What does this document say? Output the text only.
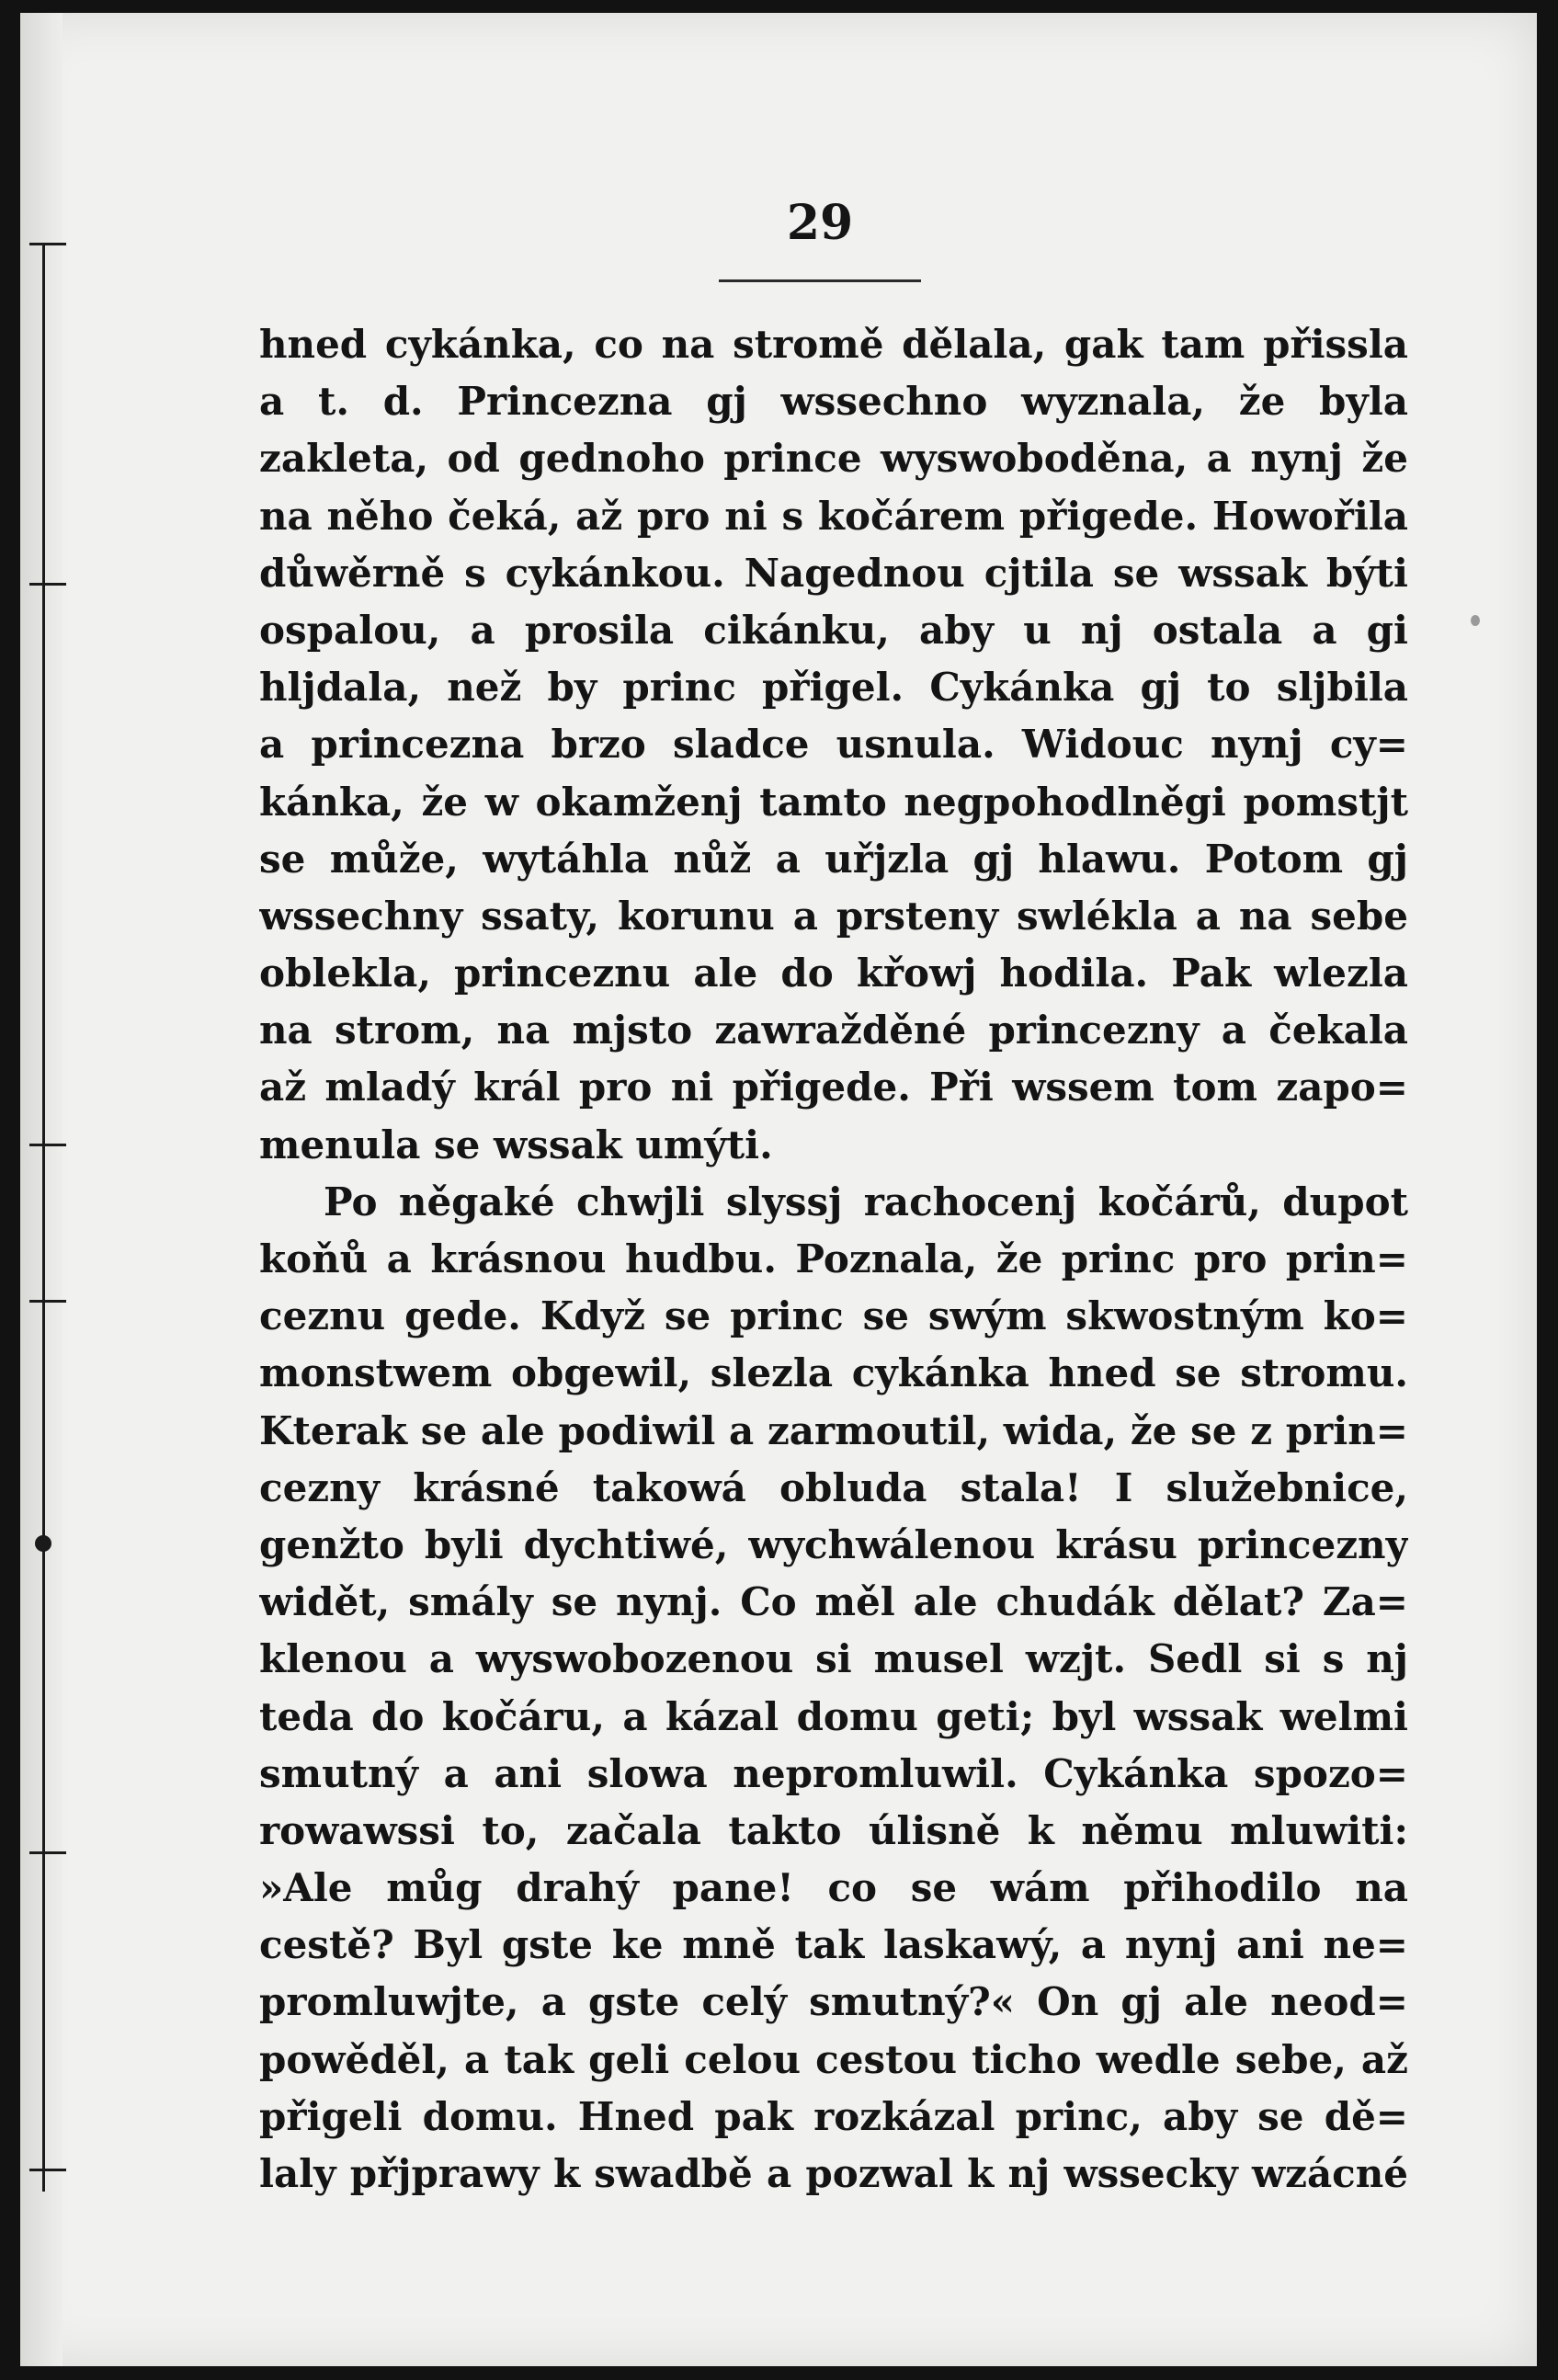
29
hned cykánka, co na stromě dělala, gak tam přissla
a t. d. Princezna gj wssechno wyznala, že byla
zakleta, od gednoho prince wyswoboděna, a nynj že
na něho čeká, až pro ni s kočárem přigede. Howořila
důwěrně s cykánkou. Nagednou cjtila se wssak býti
ospalou, a prosila cikánku, aby u nj ostala a gi
hljdala, než by princ přigel. Cykánka gj to sljbila
a princezna brzo sladce usnula. Widouc nynj cy=
kánka, že w okamženj tamto negpohodlněgi pomstjt
se může, wytáhla nůž a uřjzla gj hlawu. Potom gj
wssechny ssaty, korunu a prsteny swlékla a na sebe
oblekla, princeznu ale do křowj hodila. Pak wlezla
na strom, na mjsto zawražděné princezny a čekala
až mladý král pro ni přigede. Při wssem tom zapo=
menula se wssak umýti.
Po něgaké chwjli slyssj rachocenj kočárů, dupot
koňů a krásnou hudbu. Poznala, že princ pro prin=
ceznu gede. Když se princ se swým skwostným ko=
monstwem obgewil, slezla cykánka hned se stromu.
Kterak se ale podiwil a zarmoutil, wida, že se z prin=
cezny krásné takowá obluda stala! I služebnice,
genžto byli dychtiwé, wychwálenou krásu princezny
widět, smály se nynj. Co měl ale chudák dělat? Za=
klenou a wyswobozenou si musel wzjt. Sedl si s nj
teda do kočáru, a kázal domu geti; byl wssak welmi
smutný a ani slowa nepromluwil. Cykánka spozo=
rowawssi to, začala takto úlisně k němu mluwiti:
»Ale můg drahý pane! co se wám přihodilo na
cestě? Byl gste ke mně tak laskawý, a nynj ani ne=
promluwjte, a gste celý smutný?« On gj ale neod=
powěděl, a tak geli celou cestou ticho wedle sebe, až
přigeli domu. Hned pak rozkázal princ, aby se dě=
laly přjprawy k swadbě a pozwal k nj wssecky wzácné
